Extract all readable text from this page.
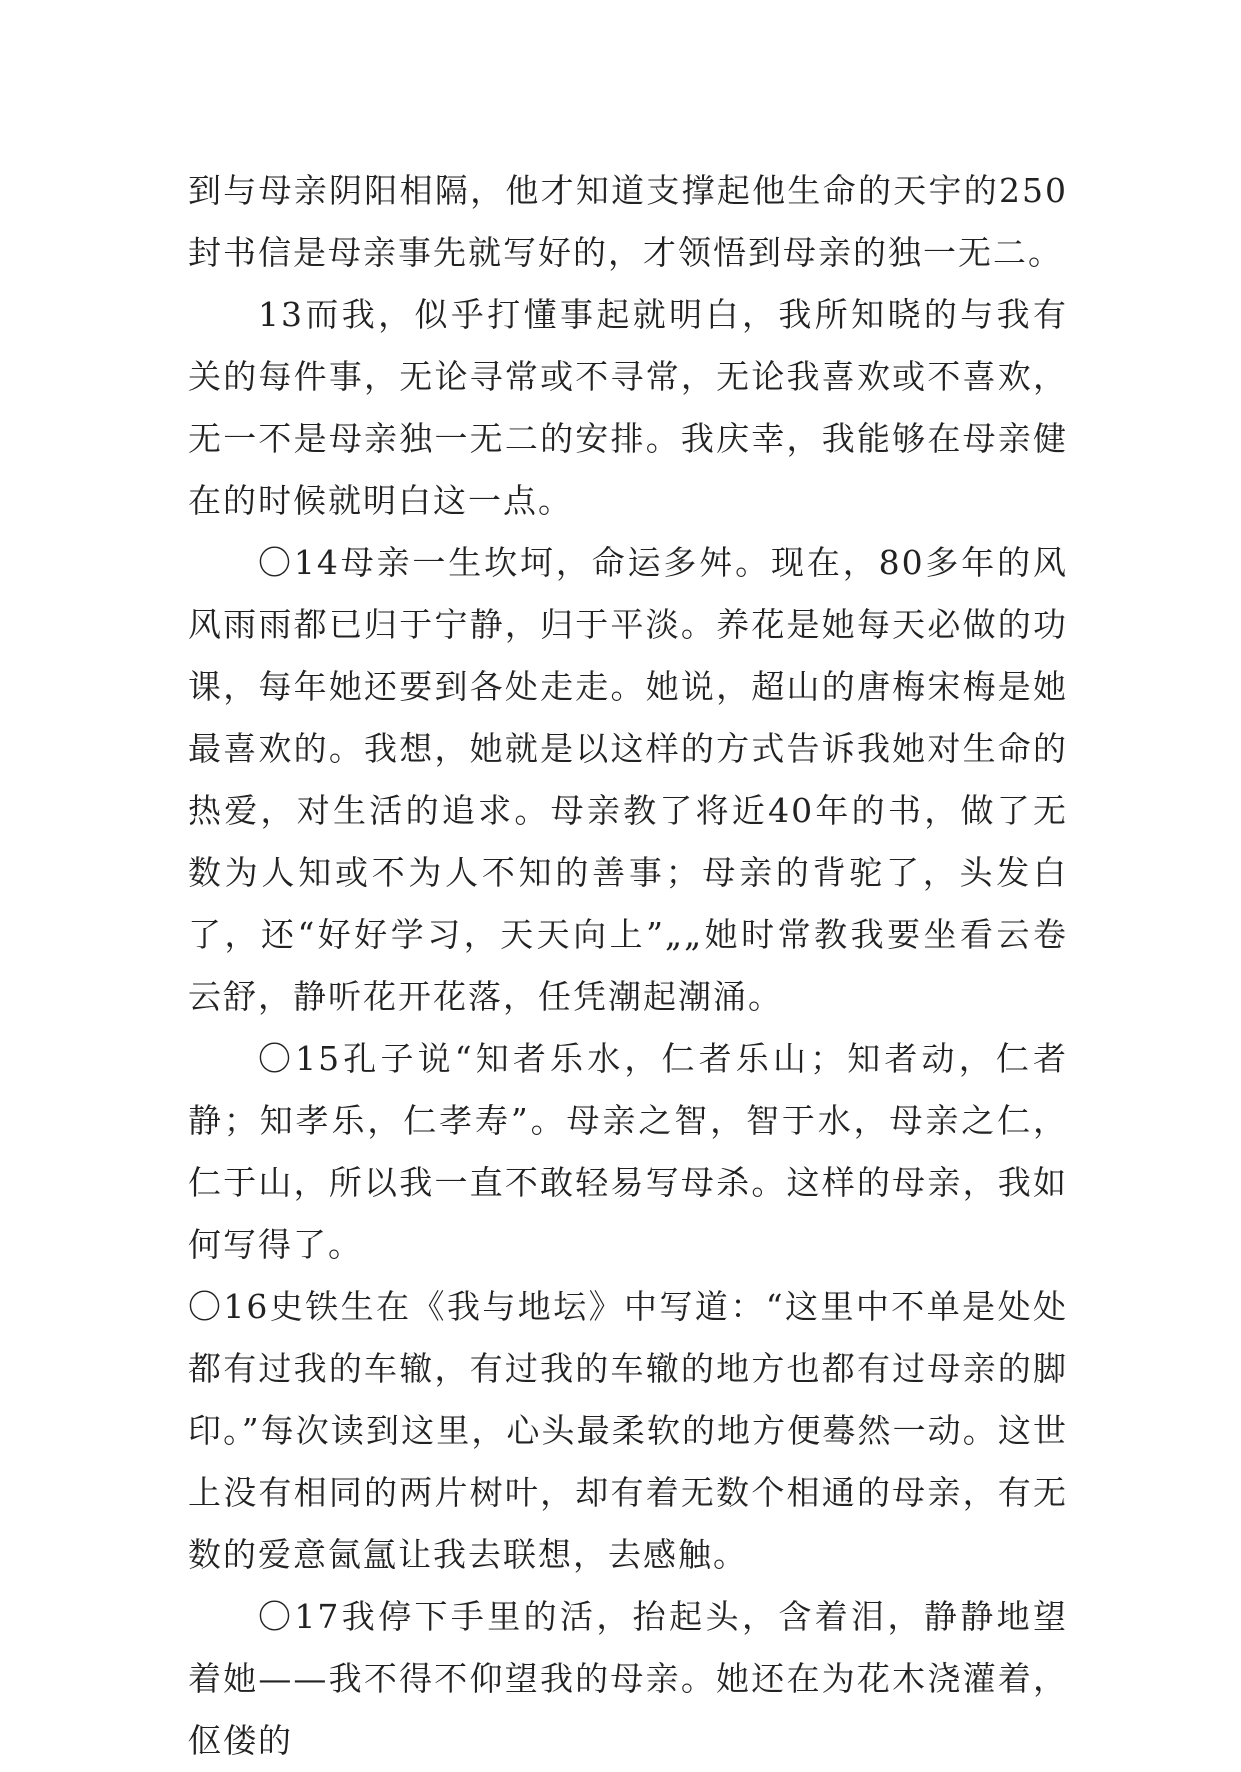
到与母亲阴阳相隔，他才知道支撑起他生命的天宇的250封书信是母亲事先就写好的，才领悟到母亲的独一无二。

13而我，似乎打懂事起就明白，我所知晓的与我有关的每件事，无论寻常或不寻常，无论我喜欢或不喜欢，无一不是母亲独一无二的安排。我庆幸，我能够在母亲健在的时候就明白这一点。

〇14母亲一生坎坷，命运多舛。现在，80多年的风风雨雨都已归于宁静，归于平淡。养花是她每天必做的功课，每年她还要到各处走走。她说，超山的唐梅宋梅是她最喜欢的。我想，她就是以这样的方式告诉我她对生命的热爱，对生活的追求。母亲教了将近40年的书，做了无数为人知或不为人不知的善事；母亲的背驼了，头发白了，还“好好学习，天天向上”„„她时常教我要坐看云卷云舒，静听花开花落，任凭潮起潮涌。

〇15孔子说“知者乐水，仁者乐山；知者动，仁者静；知孝乐，仁孝寿”。母亲之智，智于水，母亲之仁，仁于山，所以我一直不敢轻易写母杀。这样的母亲，我如何写得了。

〇16史铁生在《我与地坛》中写道：“这里中不单是处处都有过我的车辙，有过我的车辙的地方也都有过母亲的脚印。”每次读到这里，心头最柔软的地方便蓦然一动。这世上没有相同的两片树叶，却有着无数个相通的母亲，有无数的爱意氤氲让我去联想，去感触。

〇17我停下手里的活，抬起头，含着泪，静静地望着她——我不得不仰望我的母亲。她还在为花木浇灌着，伛偻的
